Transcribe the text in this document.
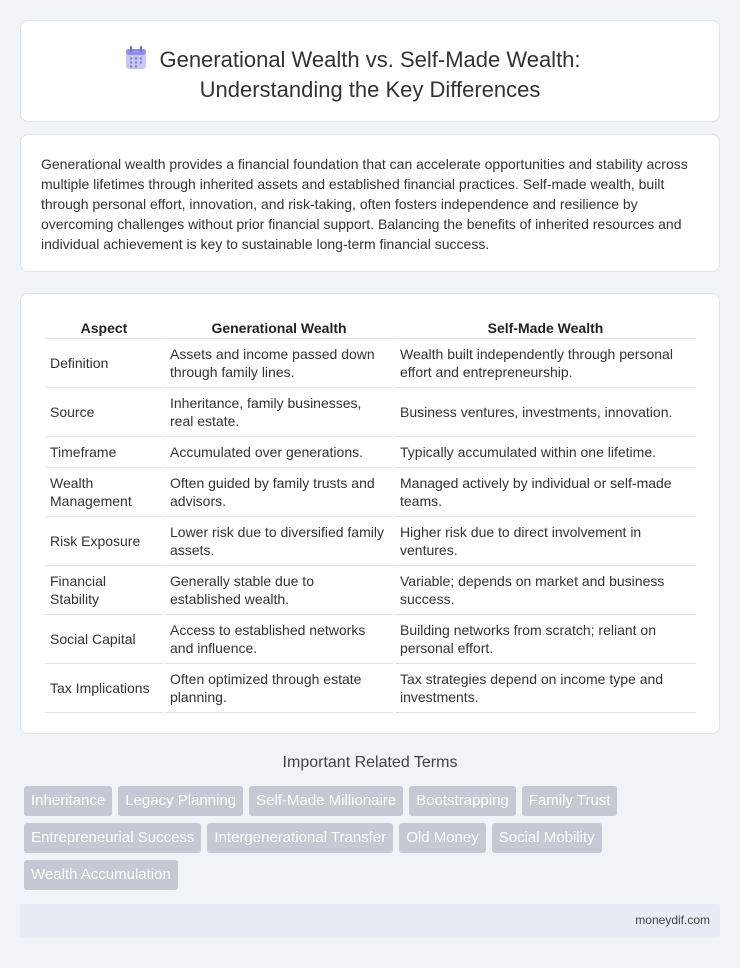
Generational Wealth vs. Self-Made Wealth:
Understanding the Key Differences

Generational wealth provides a financial foundation that can accelerate opportunities and stability across multiple lifetimes through inherited assets and established financial practices. Self-made wealth, built through personal effort, innovation, and risk-taking, often fosters independence and resilience by overcoming challenges without prior financial support. Balancing the benefits of inherited resources and individual achievement is key to sustainable long-term financial success.

Aspect	Generational Wealth	Self-Made Wealth
Definition	Assets and income passed down through family lines.	Wealth built independently through personal effort and entrepreneurship.
Source	Inheritance, family businesses, real estate.	Business ventures, investments, innovation.
Timeframe	Accumulated over generations.	Typically accumulated within one lifetime.
Wealth Management	Often guided by family trusts and advisors.	Managed actively by individual or self-made teams.
Risk Exposure	Lower risk due to diversified family assets.	Higher risk due to direct involvement in ventures.
Financial Stability	Generally stable due to established wealth.	Variable; depends on market and business success.
Social Capital	Access to established networks and influence.	Building networks from scratch; reliant on personal effort.
Tax Implications	Often optimized through estate planning.	Tax strategies depend on income type and investments.
Important Related Terms
Inheritance	Legacy Planning	Self-Made Millionaire	Bootstrapping	Family Trust
Entrepreneurial Success	Intergenerational Transfer	Old Money	Social Mobility
Wealth Accumulation
moneydif.com
